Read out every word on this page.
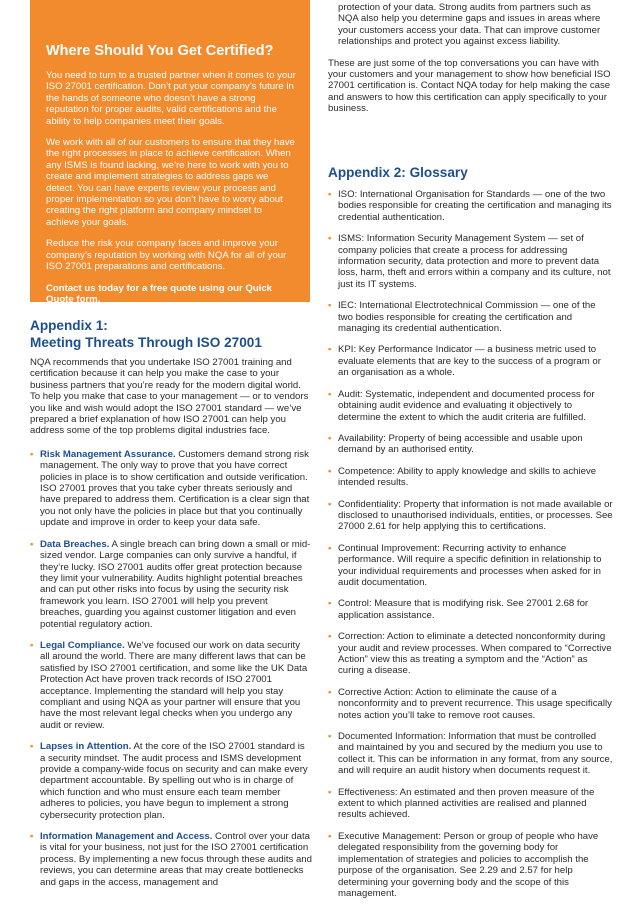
Where Should You Get Certified?

You need to turn to a trusted partner when it comes to your ISO 27001 certification. Don’t put your company’s future in the hands of someone who doesn’t have a strong reputation for proper audits, valid certifications and the ability to help companies meet their goals.

We work with all of our customers to ensure that they have the right processes in place to achieve certification. When any ISMS is found lacking, we’re here to work with you to create and implement strategies to address gaps we detect. You can have experts review your process and proper implementation so you don’t have to worry about creating the right platform and company mindset to achieve your goals.

Reduce the risk your company faces and improve your company’s reputation by working with NQA for all of your ISO 27001 preparations and certifications.

Contact us today for a free quote using our Quick Quote form.

Appendix 1:
Meeting Threats Through ISO 27001

NQA recommends that you undertake ISO 27001 training and certification because it can help you make the case to your business partners that you’re ready for the modern digital world. To help you make that case to your management — or to vendors you like and wish would adopt the ISO 27001 standard — we’ve prepared a brief explanation of how ISO 27001 can help you address some of the top problems digital industries face.

• Risk Management Assurance. Customers demand strong risk management. The only way to prove that you have correct policies in place is to show certification and outside verification. ISO 27001 proves that you take cyber threats seriously and have prepared to address them. Certification is a clear sign that you not only have the policies in place but that you continually update and improve in order to keep your data safe.
• Data Breaches. A single breach can bring down a small or mid-sized vendor. Large companies can only survive a handful, if they’re lucky. ISO 27001 audits offer great protection because they limit your vulnerability. Audits highlight potential breaches and can put other risks into focus by using the security risk framework you learn. ISO 27001 will help you prevent breaches, guarding you against customer litigation and even potential regulatory action.
• Legal Compliance. We’ve focused our work on data security all around the world. There are many different laws that can be satisfied by ISO 27001 certification, and some like the UK Data Protection Act have proven track records of ISO 27001 acceptance. Implementing the standard will help you stay compliant and using NQA as your partner will ensure that you have the most relevant legal checks when you undergo any audit or review.
• Lapses in Attention. At the core of the ISO 27001 standard is a security mindset. The audit process and ISMS development provide a company-wide focus on security and can make every department accountable. By spelling out who is in charge of which function and who must ensure each team member adheres to policies, you have begun to implement a strong cybersecurity protection plan.
• Information Management and Access. Control over your data is vital for your business, not just for the ISO 27001 certification process. By implementing a new focus through these audits and reviews, you can determine areas that may create bottlenecks and gaps in the access, management and

protection of your data. Strong audits from partners such as NQA also help you determine gaps and issues in areas where your customers access your data. That can improve customer relationships and protect you against excess liability.

These are just some of the top conversations you can have with your customers and your management to show how beneficial ISO 27001 certification is. Contact NQA today for help making the case and answers to how this certification can apply specifically to your business.

Appendix 2: Glossary
• ISO: International Organisation for Standards — one of the two bodies responsible for creating the certification and managing its credential authentication.
• ISMS: Information Security Management System — set of company policies that create a process for addressing information security, data protection and more to prevent data loss, harm, theft and errors within a company and its culture, not just its IT systems.
• IEC: International Electrotechnical Commission — one of the two bodies responsible for creating the certification and managing its credential authentication.
• KPI: Key Performance Indicator — a business metric used to evaluate elements that are key to the success of a program or an organisation as a whole.
• Audit: Systematic, independent and documented process for obtaining audit evidence and evaluating it objectively to determine the extent to which the audit criteria are fulfilled.
• Availability: Property of being accessible and usable upon demand by an authorised entity.
• Competence: Ability to apply knowledge and skills to achieve intended results.
• Confidentiality: Property that information is not made available or disclosed to unauthorised individuals, entities, or processes. See 27000 2.61 for help applying this to certifications.
• Continual Improvement: Recurring activity to enhance performance. Will require a specific definition in relationship to your individual requirements and processes when asked for in audit documentation.
• Control: Measure that is modifying risk. See 27001 2.68 for application assistance.
• Correction: Action to eliminate a detected nonconformity during your audit and review processes. When compared to “Corrective Action” view this as treating a symptom and the “Action” as curing a disease.
• Corrective Action: Action to eliminate the cause of a nonconformity and to prevent recurrence. This usage specifically notes action you’ll take to remove root causes.
• Documented Information: Information that must be controlled and maintained by you and secured by the medium you use to collect it. This can be information in any format, from any source, and will require an audit history when documents request it.
• Effectiveness: An estimated and then proven measure of the extent to which planned activities are realised and planned results achieved.
• Executive Management: Person or group of people who have delegated responsibility from the governing body for implementation of strategies and policies to accomplish the purpose of the organisation. See 2.29 and 2.57 for help determining your governing body and the scope of this management.
